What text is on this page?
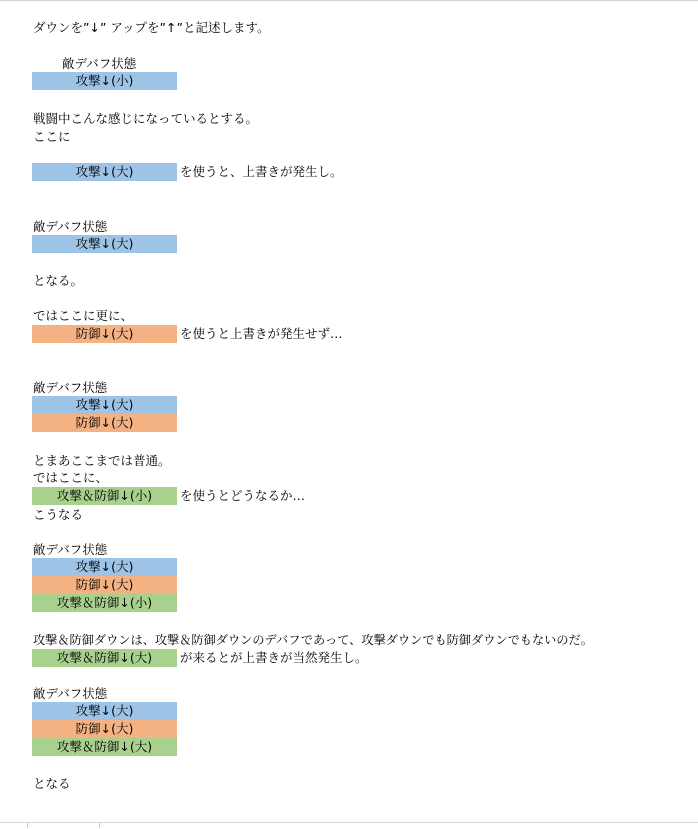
ダウンを”↓” アップを”↑”と記述します。
敵デバフ状態
攻撃↓(小)
戦闘中こんな感じになっているとする。
ここに
攻撃↓(大)	を使うと、上書きが発生し。
敵デバフ状態
攻撃↓(大)
となる。
ではここに更に、
防御↓(大)	を使うと上書きが発生せず…
敵デバフ状態
攻撃↓(大)
防御↓(大)
とまあここまでは普通。
ではここに、
攻撃＆防御↓(小)	を使うとどうなるか…
こうなる
敵デバフ状態
攻撃↓(大)
防御↓(大)
攻撃＆防御↓(小)
攻撃＆防御ダウンは、攻撃＆防御ダウンのデバフであって、攻撃ダウンでも防御ダウンでもないのだ。
攻撃＆防御↓(大)	が来るとが上書きが当然発生し。
敵デバフ状態
攻撃↓(大)
防御↓(大)
攻撃＆防御↓(大)
となる
